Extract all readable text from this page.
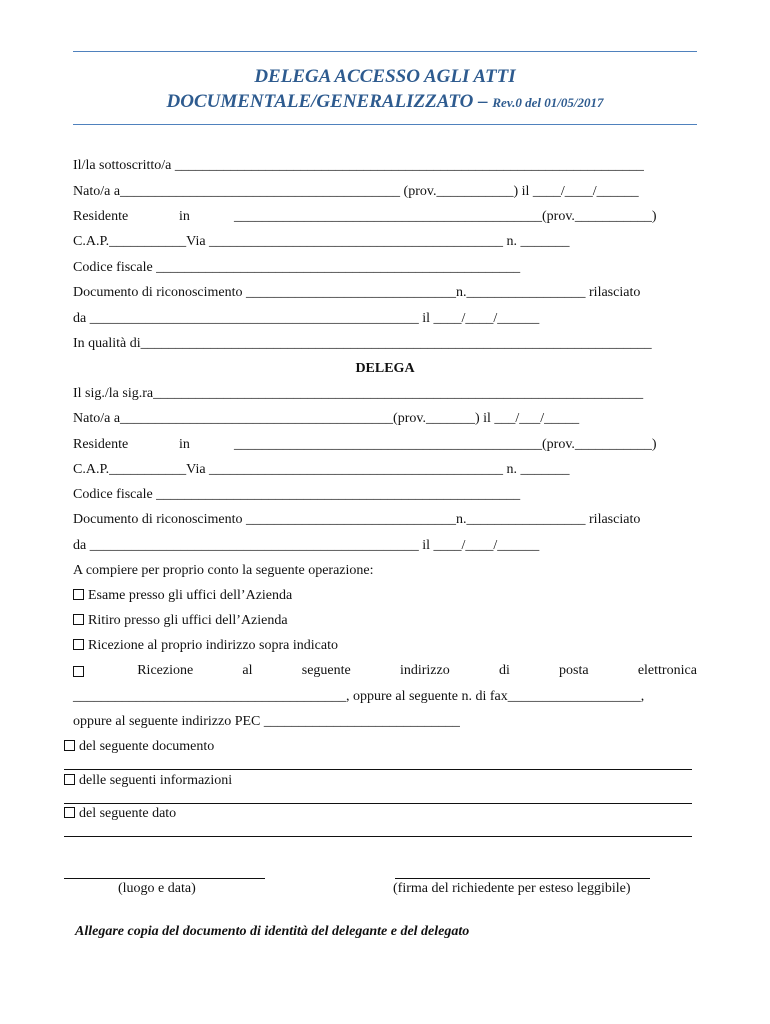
DELEGA ACCESSO AGLI ATTI
DOCUMENTALE/GENERALIZZATO – Rev.0 del 01/05/2017
Il/la sottoscritto/a ___________________________________________________________________
Nato/a a________________________________________ (prov.___________) il ____/____/______
Residente	in	____________________________________________(prov.___________)
C.A.P.___________Via __________________________________________ n. _______
Codice fiscale ____________________________________________________
Documento di riconoscimento ______________________________n._________________ rilasciato
da _______________________________________________ il ____/____/______
In qualità di_________________________________________________________________________
DELEGA
Il sig./la sig.ra______________________________________________________________________
Nato/a a_______________________________________(prov._______) il ___/___/_____
Residente	in	____________________________________________(prov.___________)
C.A.P.___________Via __________________________________________ n. _______
Codice fiscale ____________________________________________________
Documento di riconoscimento ______________________________n._________________ rilasciato
da _______________________________________________ il ____/____/______
A compiere per proprio conto la seguente operazione:
Esame presso gli uffici dell’Azienda
Ritiro presso gli uffici dell’Azienda
Ricezione al proprio indirizzo sopra indicato
Ricezione	al	seguente	indirizzo	di	posta	elettronica
_______________________________________, oppure al seguente n. di fax___________________,
oppure al seguente indirizzo PEC ____________________________
del seguente documento
delle seguenti informazioni
del seguente dato
(luogo e data)	(firma del richiedente per esteso leggibile)
Allegare copia del documento di identità del delegante e del delegato
